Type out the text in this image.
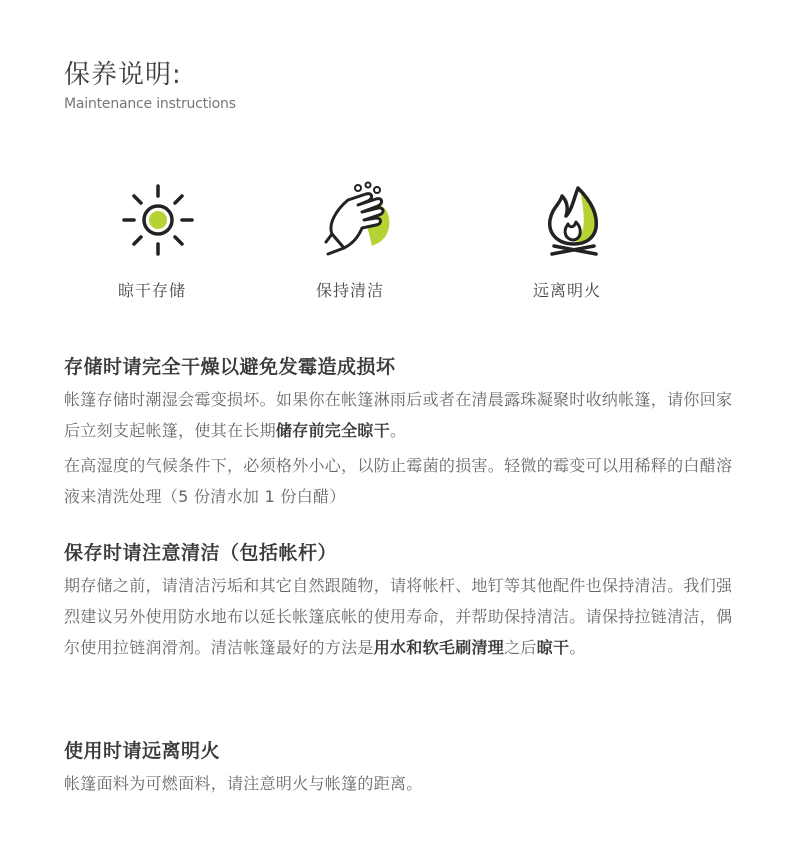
保养说明:
Maintenance instructions
晾干存储	保持清洁	远离明火

存储时请完全干燥以避免发霉造成损坏

帐篷存储时潮湿会霉变损坏。如果你在帐篷淋雨后或者在清晨露珠凝聚时收纳帐篷，请你回家后立刻支起帐篷，使其在长期储存前完全晾干。

在高湿度的气候条件下，必须格外小心，以防止霉菌的损害。轻微的霉变可以用稀释的白醋溶液来清洗处理（5 份清水加 1 份白醋）

保存时请注意清洁（包括帐杆）

期存储之前，请清洁污垢和其它自然跟随物，请将帐杆、地钉等其他配件也保持清洁。我们强烈建议另外使用防水地布以延长帐篷底帐的使用寿命，并帮助保持清洁。请保持拉链清洁，偶尔使用拉链润滑剂。清洁帐篷最好的方法是用水和软毛刷清理之后晾干。

使用时请远离明火

帐篷面料为可燃面料，请注意明火与帐篷的距离。
